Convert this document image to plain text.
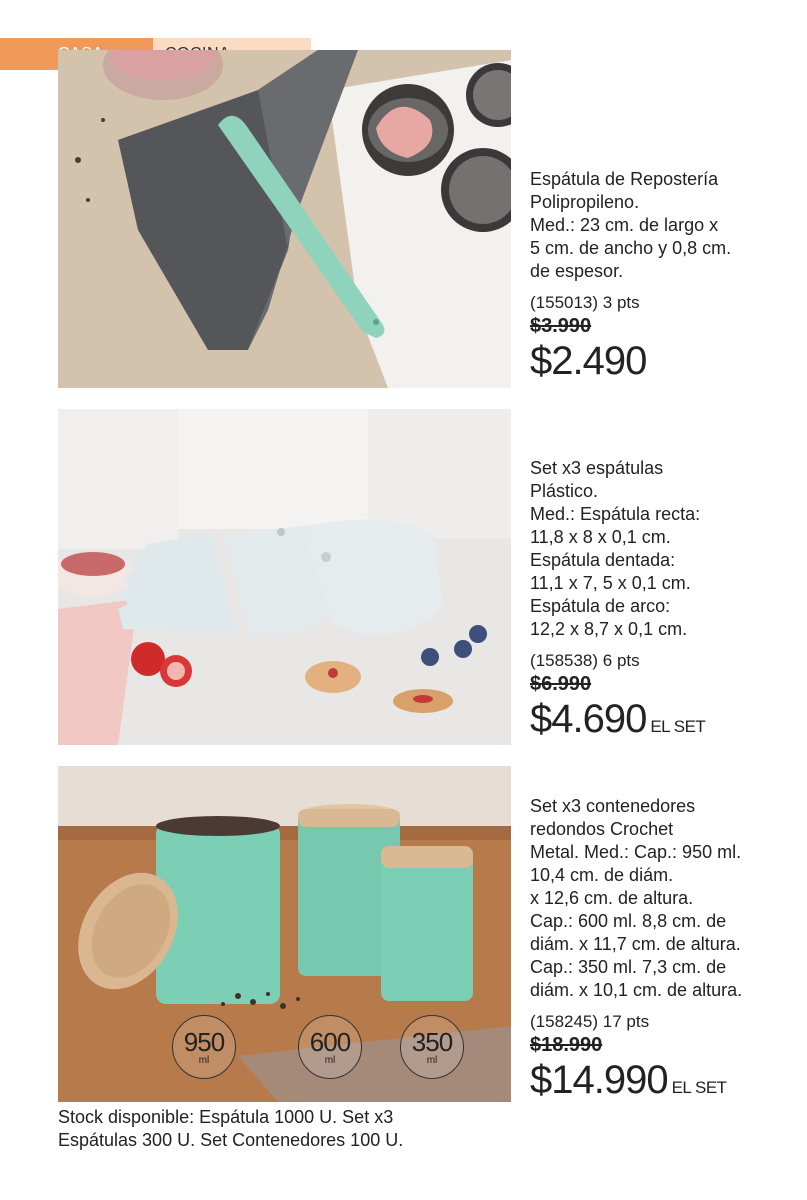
Espátula de Repostería
Polipropileno.
Med.: 23 cm. de largo x
5 cm. de ancho y 0,8 cm.
de espesor.
(155013) 3 pts
$3.990
$2.490
Set x3 espátulas
Plástico.
Med.: Espátula recta:
11,8 x 8 x 0,1 cm.
Espátula dentada:
11,1 x 7, 5 x 0,1 cm.
Espátula de arco:
12,2 x 8,7 x 0,1 cm.
(158538) 6 pts
$6.990
$4.690 EL SET
950
ml
600
ml
350
ml
Set x3 contenedores
redondos Crochet
Metal. Med.: Cap.: 950 ml.
10,4 cm. de diám.
x 12,6 cm. de altura.
Cap.: 600 ml. 8,8 cm. de
diám. x 11,7 cm. de altura.
Cap.: 350 ml. 7,3 cm. de
diám. x 10,1 cm. de altura.
(158245) 17 pts
$18.990
$14.990 EL SET
Stock disponible: Espátula 1000 U. Set x3
Espátulas 300 U. Set Contenedores 100 U.
